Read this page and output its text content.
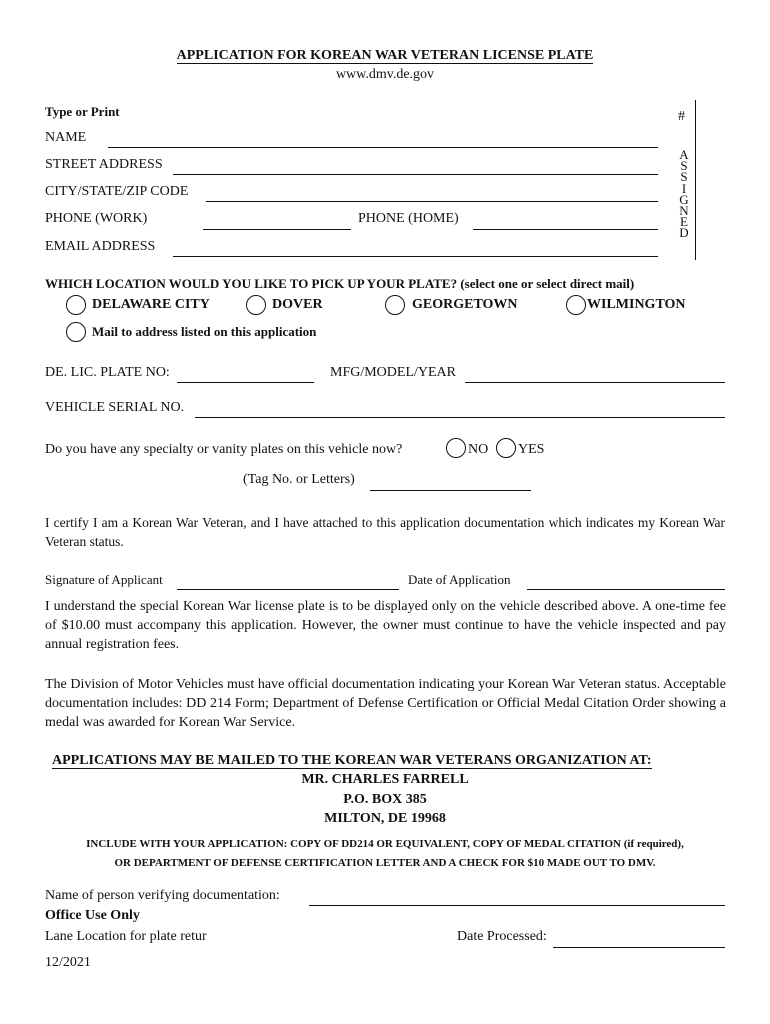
APPLICATION FOR KOREAN WAR VETERAN LICENSE PLATE
www.dmv.de.gov
Type or Print
NAME
STREET ADDRESS
CITY/STATE/ZIP CODE
PHONE (WORK)	PHONE (HOME)
EMAIL ADDRESS
#
A
S
S
I
G
N
E
D
WHICH LOCATION WOULD YOU LIKE TO PICK UP YOUR PLATE? (select one or select direct mail)
DELAWARE CITY	DOVER	GEORGETOWN	WILMINGTON
Mail to address listed on this application
DE. LIC. PLATE NO:	MFG/MODEL/YEAR
VEHICLE SERIAL NO.
Do you have any specialty or vanity plates on this vehicle now?	NO YES
(Tag No. or Letters)
I certify I am a Korean War Veteran, and I have attached to this application documentation which indicates my Korean War Veteran status.
Signature of Applicant	Date of Application
I understand the special Korean War license plate is to be displayed only on the vehicle described above. A one-time fee of $10.00 must accompany this application. However, the owner must continue to have the vehicle inspected and pay annual registration fees.
The Division of Motor Vehicles must have official documentation indicating your Korean War Veteran status. Acceptable documentation includes: DD 214 Form; Department of Defense Certification or Official Medal Citation Order showing a medal was awarded for Korean War Service.
APPLICATIONS MAY BE MAILED TO THE KOREAN WAR VETERANS ORGANIZATION AT:
MR. CHARLES FARRELL
P.O. BOX 385
MILTON, DE 19968
INCLUDE WITH YOUR APPLICATION: COPY OF DD214 OR EQUIVALENT, COPY OF MEDAL CITATION (if required),
OR DEPARTMENT OF DEFENSE CERTIFICATION LETTER AND A CHECK FOR $10 MADE OUT TO DMV.
Name of person verifying documentation:
Office Use Only
Lane Location for plate retur	Date Processed:
12/2021
